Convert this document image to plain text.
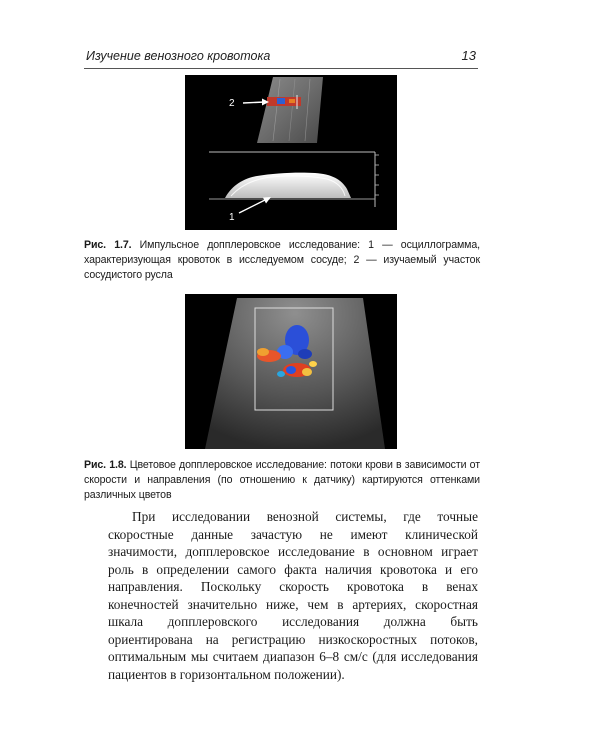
Изучение венозного кровотока	13
2
1
Рис. 1.7. Импульсное допплеровское исследование: 1 — осциллограмма, характеризующая кровоток в исследуемом сосуде; 2 — изучаемый участок сосудистого русла
Рис. 1.8. Цветовое допплеровское исследование: потоки крови в зависимости от скорости и направления (по отношению к датчику) картируются оттенками различных цветов

При исследовании венозной системы, где точные скоростные данные зачастую не имеют клинической значимости, допплеровское исследование в основном играет роль в определении самого факта наличия кровотока и его направления. Поскольку скорость кровотока в венах конечностей значительно ниже, чем в артериях, скоростная шкала допплеровского исследования должна быть ориентирована на регистрацию низкоскоростных потоков, оптимальным мы считаем диапазон 6–8 см/с (для исследования пациентов в горизонтальном положении).
